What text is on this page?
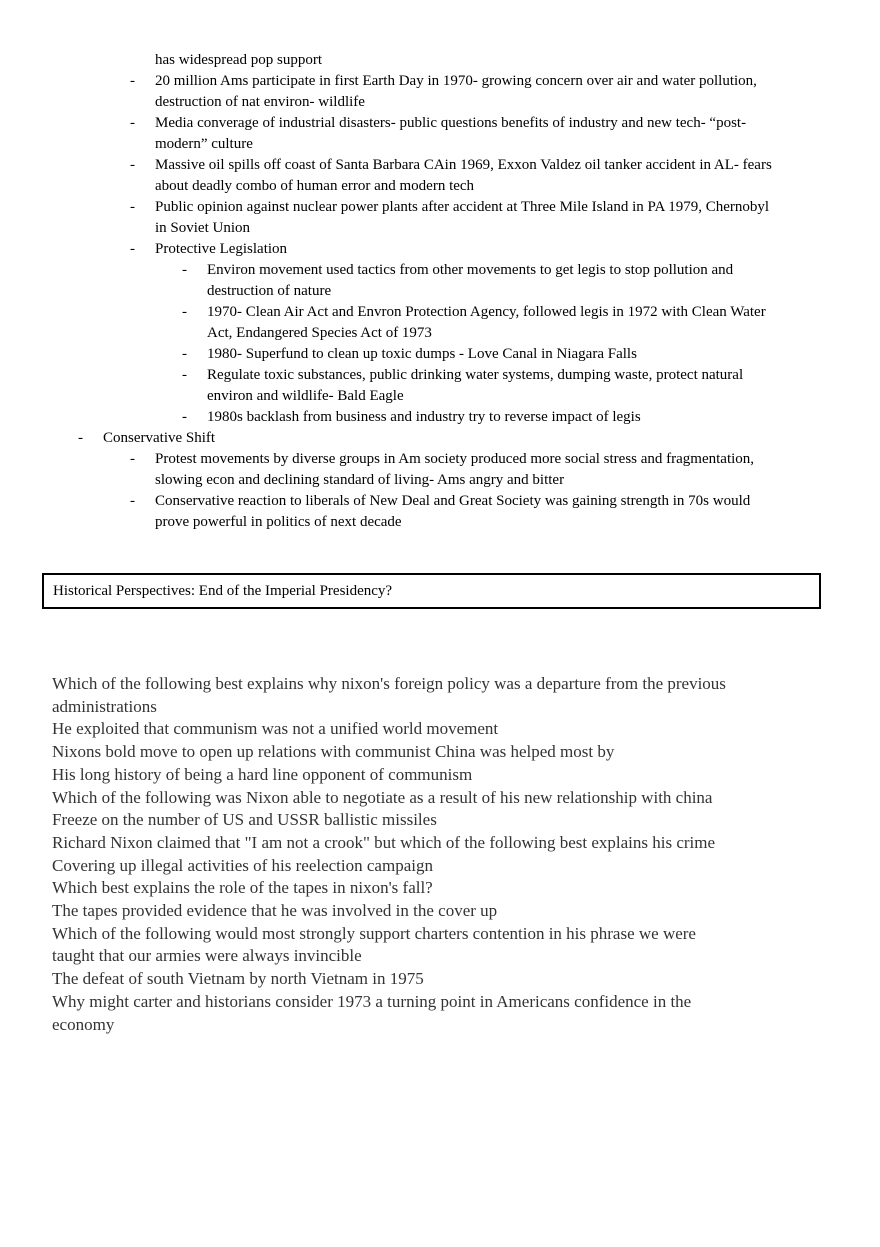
has widespread pop support
- 20 million Ams participate in first Earth Day in 1970- growing concern over air and water pollution, destruction of nat environ- wildlife
- Media converage of industrial disasters- public questions benefits of industry and new tech- “post-modern” culture
- Massive oil spills off coast of Santa Barbara CAin 1969, Exxon Valdez oil tanker accident in AL- fears about deadly combo of human error and modern tech
- Public opinion against nuclear power plants after accident at Three Mile Island in PA 1979, Chernobyl in Soviet Union
- Protective Legislation
- Environ movement used tactics from other movements to get legis to stop pollution and destruction of nature
- 1970- Clean Air Act and Envron Protection Agency, followed legis in 1972 with Clean Water Act, Endangered Species Act of 1973
- 1980- Superfund to clean up toxic dumps - Love Canal in Niagara Falls
- Regulate toxic substances, public drinking water systems, dumping waste, protect natural environ and wildlife- Bald Eagle
- 1980s backlash from business and industry try to reverse impact of legis
- Conservative Shift
- Protest movements by diverse groups in Am society produced more social stress and fragmentation, slowing econ and declining standard of living- Ams angry and bitter
- Conservative reaction to liberals of New Deal and Great Society was gaining strength in 70s would prove powerful in politics of next decade
Historical Perspectives: End of the Imperial Presidency?

Which of the following best explains why nixon's foreign policy was a departure from the previous administrations

He exploited that communism was not a unified world movement

Nixons bold move to open up relations with communist China was helped most by

His long history of being a hard line opponent of communism

Which of the following was Nixon able to negotiate as a result of his new relationship with china

Freeze on the number of US and USSR ballistic missiles

Richard Nixon claimed that "I am not a crook" but which of the following best explains his crime

Covering up illegal activities of his reelection campaign

Which best explains the role of the tapes in nixon's fall?

The tapes provided evidence that he was involved in the cover up

Which of the following would most strongly support charters contention in his phrase we were taught that our armies were always invincible

The defeat of south Vietnam by north Vietnam in 1975

Why might carter and historians consider 1973 a turning point in Americans confidence in the economy
